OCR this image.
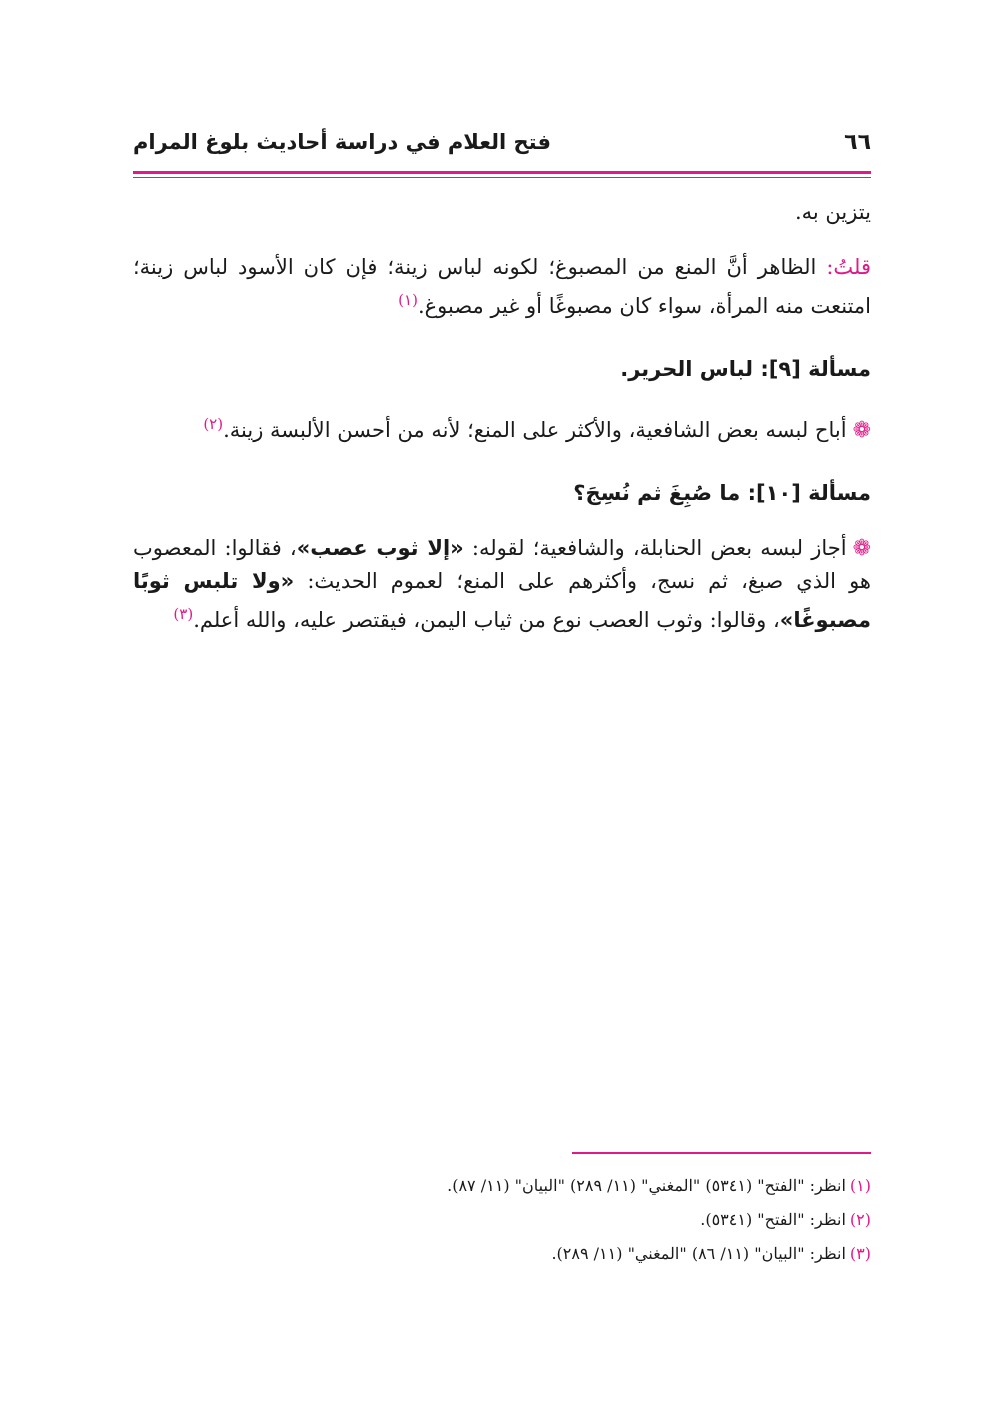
٦٦
فتح العلام في دراسة أحاديث بلوغ المرام

يتزين به.

قلتُ: الظاهر أنَّ المنع من المصبوغ؛ لكونه لباس زينة؛ فإن كان الأسود لباس زينة؛ امتنعت منه المرأة، سواء كان مصبوغًا أو غير مصبوغ.$^{(١)}$

مسألة [٩]: لباس الحرير.

❁أباح لبسه بعض الشافعية، والأكثر على المنع؛ لأنه من أحسن الألبسة زينة.$^{(٢)}$

مسألة [١٠]: ما صُبِغَ ثم نُسِجَ؟

❁أجاز لبسه بعض الحنابلة، والشافعية؛ لقوله: «إلا ثوب عصب»، فقالوا: المعصوب هو الذي صبغ، ثم نسج، وأكثرهم على المنع؛ لعموم الحديث: «ولا تلبس ثوبًا مصبوغًا»، وقالوا: وثوب العصب نوع من ثياب اليمن، فيقتصر عليه، والله أعلم.$^{(٣)}$

(١)انظر: "الفتح" (٥٣٤١) "المغني" (١١/ ٢٨٩) "البيان" (١١/ ٨٧).

(٢)انظر: "الفتح" (٥٣٤١).

(٣)انظر: "البيان" (١١/ ٨٦) "المغني" (١١/ ٢٨٩).
